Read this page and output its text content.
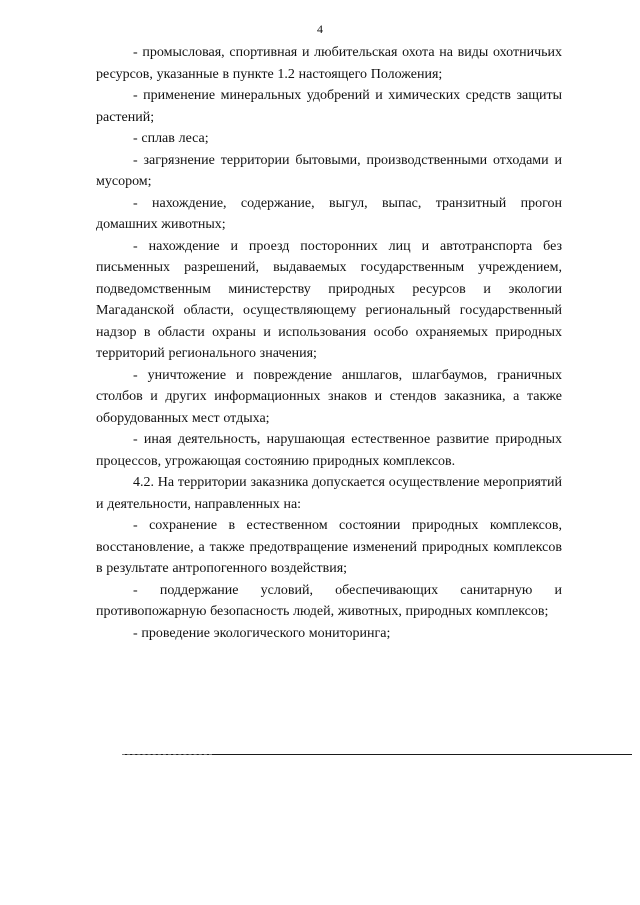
4

- промысловая, спортивная и любительская охота на виды охотничьих ресурсов, указанные в пункте 1.2 настоящего Положения;

- применение минеральных удобрений и химических средств защиты растений;

- сплав леса;

- загрязнение территории бытовыми, производственными отходами и мусором;

- нахождение, содержание, выгул, выпас, транзитный прогон домашних животных;

- нахождение и проезд посторонних лиц и автотранспорта без письменных разрешений, выдаваемых государственным учреждением, подведомственным министерству природных ресурсов и экологии Магаданской области, осуществляющему региональный государственный надзор в области охраны и использования особо охраняемых природных территорий регионального значения;

- уничтожение и повреждение аншлагов, шлагбаумов, граничных столбов и других информационных знаков и стендов заказника, а также оборудованных мест отдыха;

- иная деятельность, нарушающая естественное развитие природных процессов, угрожающая состоянию природных комплексов.

4.2. На территории заказника допускается осуществление мероприятий и деятельности, направленных на:

- сохранение в естественном состоянии природных комплексов, восстановление, а также предотвращение изменений природных комплексов в результате антропогенного воздействия;

- поддержание условий, обеспечивающих санитарную и противопожарную безопасность людей, животных, природных комплексов;

- проведение экологического мониторинга;
